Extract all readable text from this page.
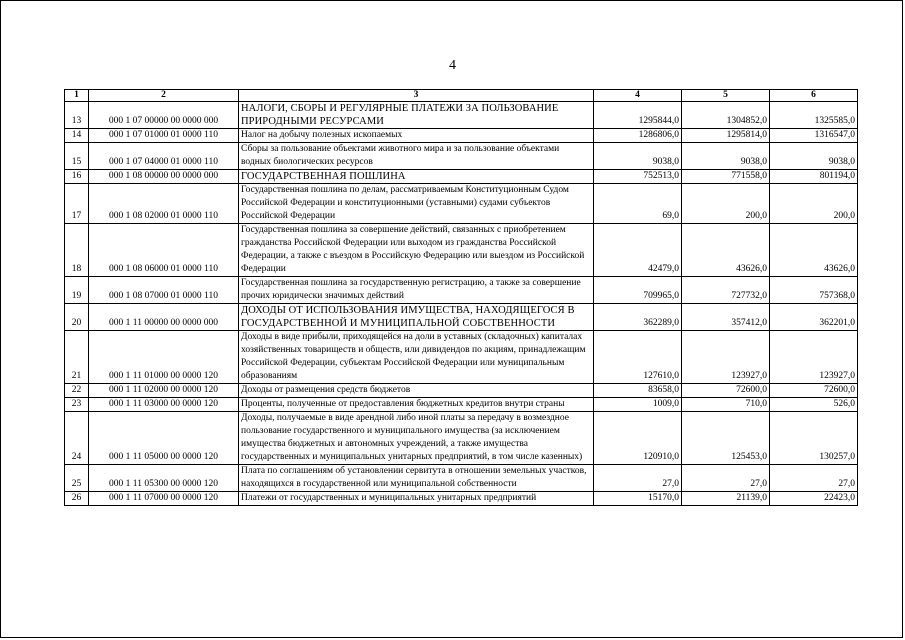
4
1	2	3	4	5	6
13	000 1 07 00000 00 0000 000	НАЛОГИ, СБОРЫ И РЕГУЛЯРНЫЕ ПЛАТЕЖИ ЗА ПОЛЬЗОВАНИЕ ПРИРОДНЫМИ РЕСУРСАМИ	1295844,0	1304852,0	1325585,0
14	000 1 07 01000 01 0000 110	Налог на добычу полезных ископаемых	1286806,0	1295814,0	1316547,0
15	000 1 07 04000 01 0000 110	Сборы за пользование объектами животного мира и за пользование объектами водных биологических ресурсов	9038,0	9038,0	9038,0
16	000 1 08 00000 00 0000 000	ГОСУДАРСТВЕННАЯ ПОШЛИНА	752513,0	771558,0	801194,0
17	000 1 08 02000 01 0000 110	Государственная пошлина по делам, рассматриваемым Конституционным Судом Российской Федерации и конституционными (уставными) судами субъектов Российской Федерации	69,0	200,0	200,0
18	000 1 08 06000 01 0000 110	Государственная пошлина за совершение действий, связанных с приобретением гражданства Российской Федерации или выходом из гражданства Российской Федерации, а также с въездом в Российскую Федерацию или выездом из Российской Федерации	42479,0	43626,0	43626,0
19	000 1 08 07000 01 0000 110	Государственная пошлина за государственную регистрацию, а также за совершение прочих юридически значимых действий	709965,0	727732,0	757368,0
20	000 1 11 00000 00 0000 000	ДОХОДЫ ОТ ИСПОЛЬЗОВАНИЯ ИМУЩЕСТВА, НАХОДЯЩЕГОСЯ В ГОСУДАРСТВЕННОЙ И МУНИЦИПАЛЬНОЙ СОБСТВЕННОСТИ	362289,0	357412,0	362201,0
21	000 1 11 01000 00 0000 120	Доходы в виде прибыли, приходящейся на доли в уставных (складочных) капиталах хозяйственных товариществ и обществ, или дивидендов по акциям, принадлежащим Российской Федерации, субъектам Российской Федерации или муниципальным образованиям	127610,0	123927,0	123927,0
22	000 1 11 02000 00 0000 120	Доходы от размещения средств бюджетов	83658,0	72600,0	72600,0
23	000 1 11 03000 00 0000 120	Проценты, полученные от предоставления бюджетных кредитов внутри страны	1009,0	710,0	526,0
24	000 1 11 05000 00 0000 120	Доходы, получаемые в виде арендной либо иной платы за передачу в возмездное пользование государственного и муниципального имущества (за исключением имущества бюджетных и автономных учреждений, а также имущества государственных и муниципальных унитарных предприятий, в том числе казенных)	120910,0	125453,0	130257,0
25	000 1 11 05300 00 0000 120	Плата по соглашениям об установлении сервитута в отношении земельных участков, находящихся в государственной или муниципальной собственности	27,0	27,0	27,0
26	000 1 11 07000 00 0000 120	Платежи от государственных и муниципальных унитарных предприятий	15170,0	21139,0	22423,0
